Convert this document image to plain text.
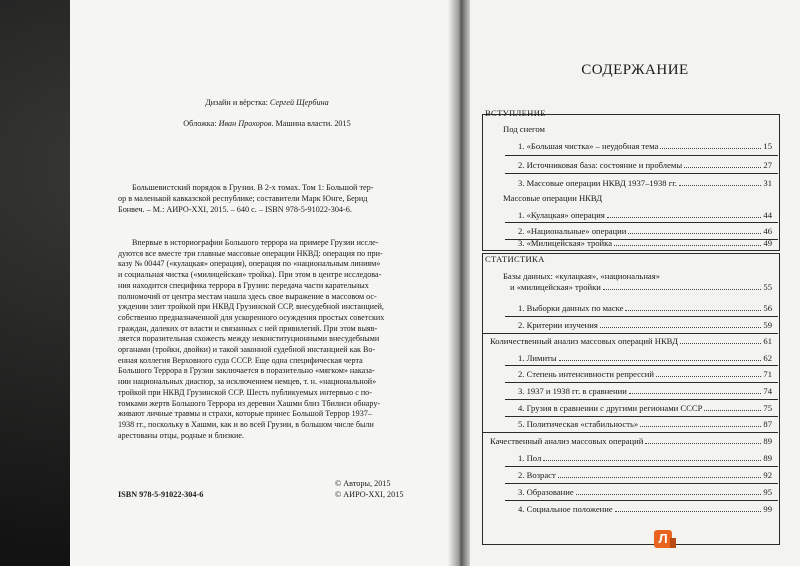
Дизайн и вёрстка: Сергей Щербина
Обложка: Иван Прохоров. Машина власти. 2015
Большевистский порядок в Грузии. В 2-х томах. Том 1: Большой тер-
ор в маленькой кавказской республике; составители Марк Юнге, Берид
Бонвеч. – М.: АИРО-XXI, 2015. – 640 с. – ISBN 978-5-91022-304-6.

Впервые в историографии Большого террора на примере Грузии иссле-

дуются все вместе три главные массовые операции НКВД: операция по при-

казу № 00447 («кулацкая» операция), операция по «национальным линиям»

и социальная чистка («милицейская» тройка). При этом в центре исследова-

ния находится специфика террора в Грузии: передача части карательных

полномочий от центра местам нашла здесь свое выражение в массовом ос-

уждении элит тройкой при НКВД Грузинской ССР, внесудебной инстанцией,

собственно предназначенной для ускоренного осуждения простых советских

граждан, далеких от власти и связанных с ней привилегий. При этом выяв-

ляется поразительная схожесть между неконституционными внесудебными

органами (тройки, двойки) и такой законной судебной инстанцией как Во-

енная коллегия Верховного суда СССР. Еще одна специфическая черта

Большого Террора в Грузии заключается в поразительно «мягком» наказа-

нии национальных диаспор, за исключением немцев, т. н. «национальной»

тройкой при НКВД Грузинской ССР. Шесть публикуемых интервью с по-

томками жертв Большого Террора из деревни Хашми близ Тбилиси обнару-

живают личные травмы и страхи, которые принес Большой Террор 1937–

1938 гг., поскольку в Хашми, как и во всей Грузии, в большом числе были

арестованы отцы, родные и близкие.

© Авторы, 2015
© АИРО-XXI, 2015
ISBN 978-5-91022-304-6
СОДЕРЖАНИЕ
ВСТУПЛЕНИЕ
Под снегом
1. «Большая чистка» – неудобная тема	15
2. Источниковая база: состояние и проблемы	27
3. Массовые операции НКВД 1937–1938 гг.	31
Массовые операции НКВД
1. «Кулацкая» операция	44
2. «Национальные» операции	46
3. «Милицейская» тройка	49
СТАТИСТИКА
Базы данных: «кулацкая», «национальная»
и «милицейская» тройки	55
1. Выборки данных по маске	56
2. Критерии изучения	59
Количественный анализ массовых операций НКВД	61
1. Лимиты	62
2. Степень интенсивности репрессий	71
3. 1937 и 1938 гг. в сравнении	74
4. Грузия в сравнении с другими регионами СССР	75
5. Политическая «стабильность»	87
Качественный анализ массовых операций	89
1. Пол	89
2. Возраст	92
3. Образование	95
4. Социальное положение	99
Л
